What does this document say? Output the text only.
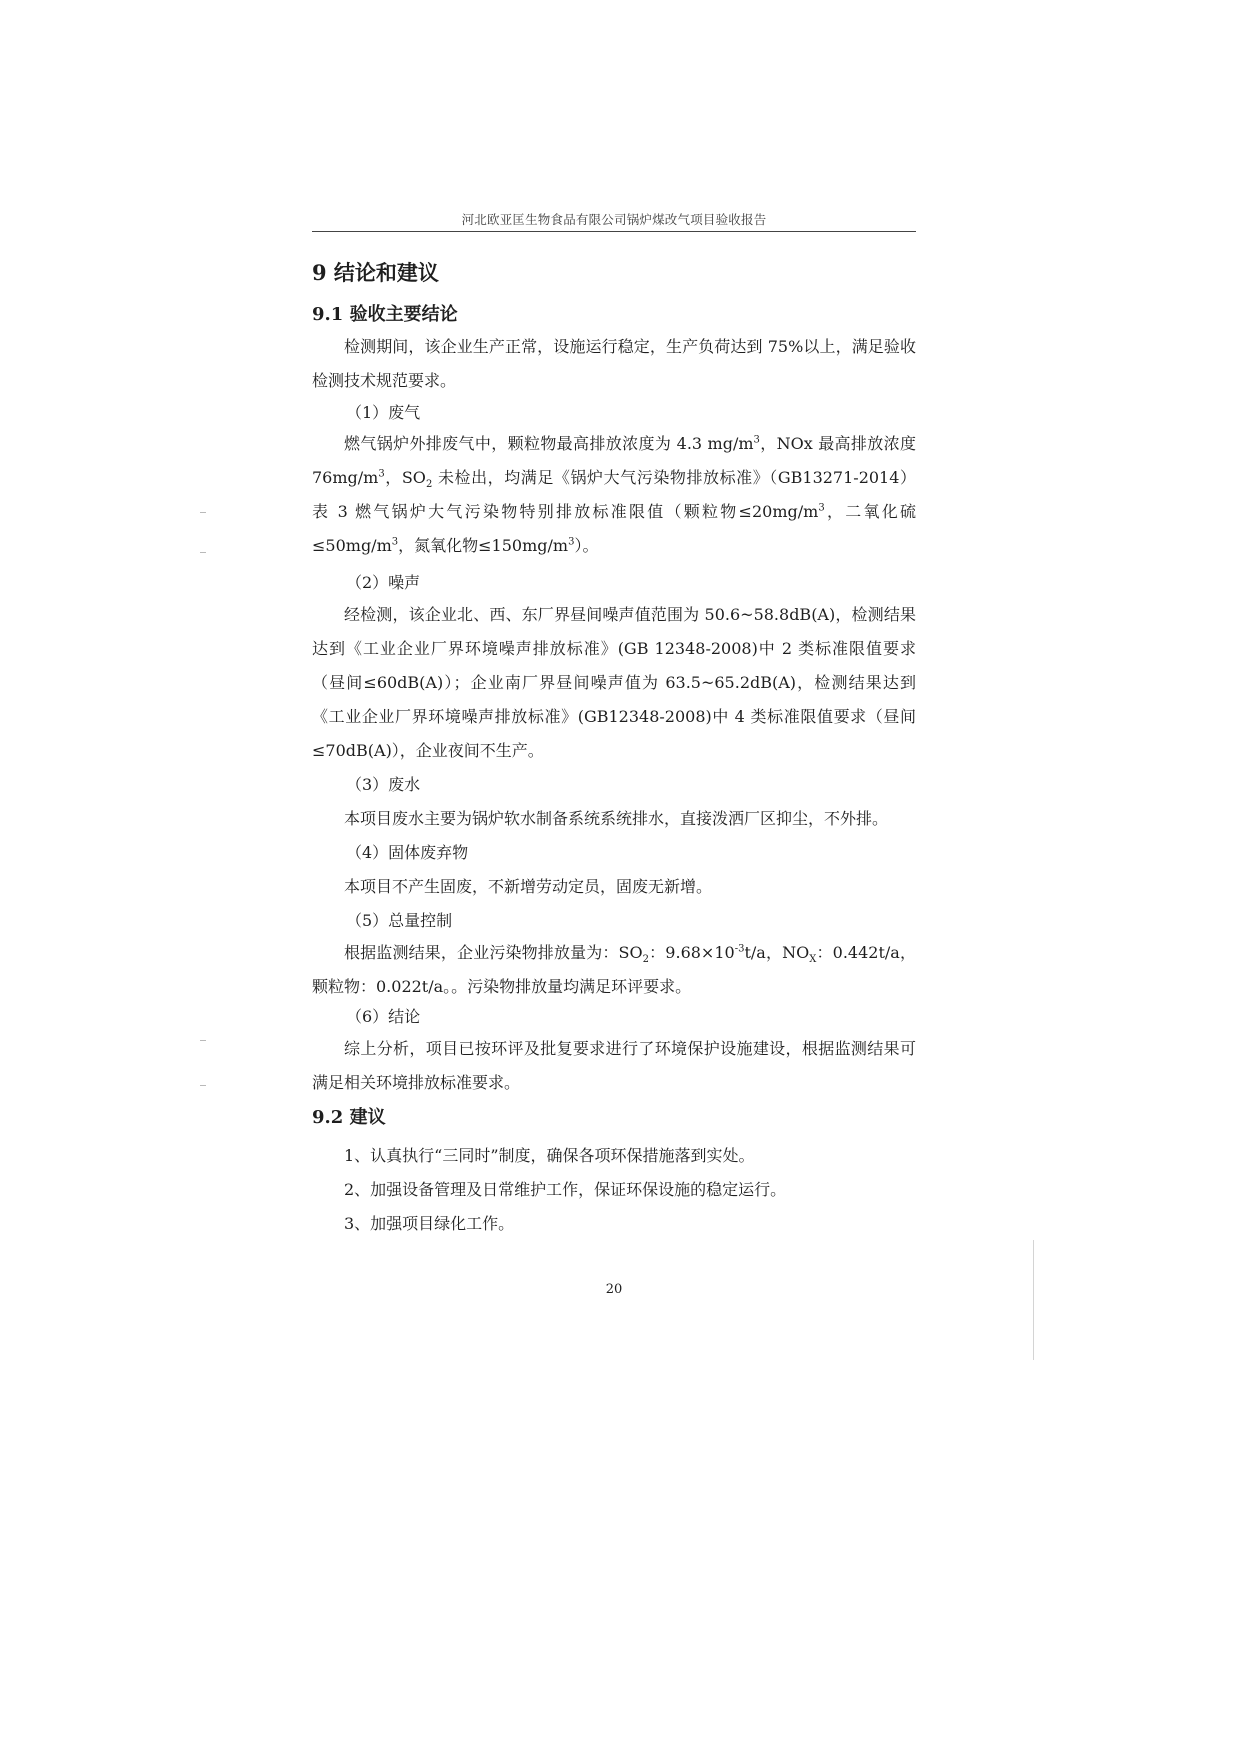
河北欧亚匡生物食品有限公司锅炉煤改气项目验收报告
9 结论和建议
9.1 验收主要结论

检测期间，该企业生产正常，设施运行稳定，生产负荷达到 75%以上，满足验收检测技术规范要求。

（1）废气

燃气锅炉外排废气中，颗粒物最高排放浓度为 4.3 $mg/m^3$，NOx 最高排放浓度 $76mg/m^3$，$SO_2$ 未检出，均满足《锅炉大气污染物排放标准》（GB13271-2014）表 3 燃气锅炉大气污染物特别排放标准限值（颗粒物$\le 20mg/m^3$，二氧化硫$\le 50mg/m^3$，氮氧化物$\le 150mg/m^3$）。

（2）噪声

经检测，该企业北、西、东厂界昼间噪声值范围为 50.6~58.8dB(A)，检测结果达到《工业企业厂界环境噪声排放标准》(GB 12348-2008)中 2 类标准限值要求（昼间≤60dB(A)）；企业南厂界昼间噪声值为 63.5~65.2dB(A)，检测结果达到《工业企业厂界环境噪声排放标准》(GB12348-2008)中 4 类标准限值要求（昼间≤70dB(A)），企业夜间不生产。

（3）废水

本项目废水主要为锅炉软水制备系统系统排水，直接泼洒厂区抑尘，不外排。

（4）固体废弃物

本项目不产生固废，不新增劳动定员，固废无新增。

（5）总量控制

根据监测结果，企业污染物排放量为：$SO_2$：$9.68\times 10^{-3}t/a$，$NO_X$：0.442t/a，颗粒物：0.022t/a。。污染物排放量均满足环评要求。

（6）结论

综上分析，项目已按环评及批复要求进行了环境保护设施建设，根据监测结果可满足相关环境排放标准要求。

9.2 建议
1、认真执行“三同时”制度，确保各项环保措施落到实处。
2、加强设备管理及日常维护工作，保证环保设施的稳定运行。
3、加强项目绿化工作。
20
